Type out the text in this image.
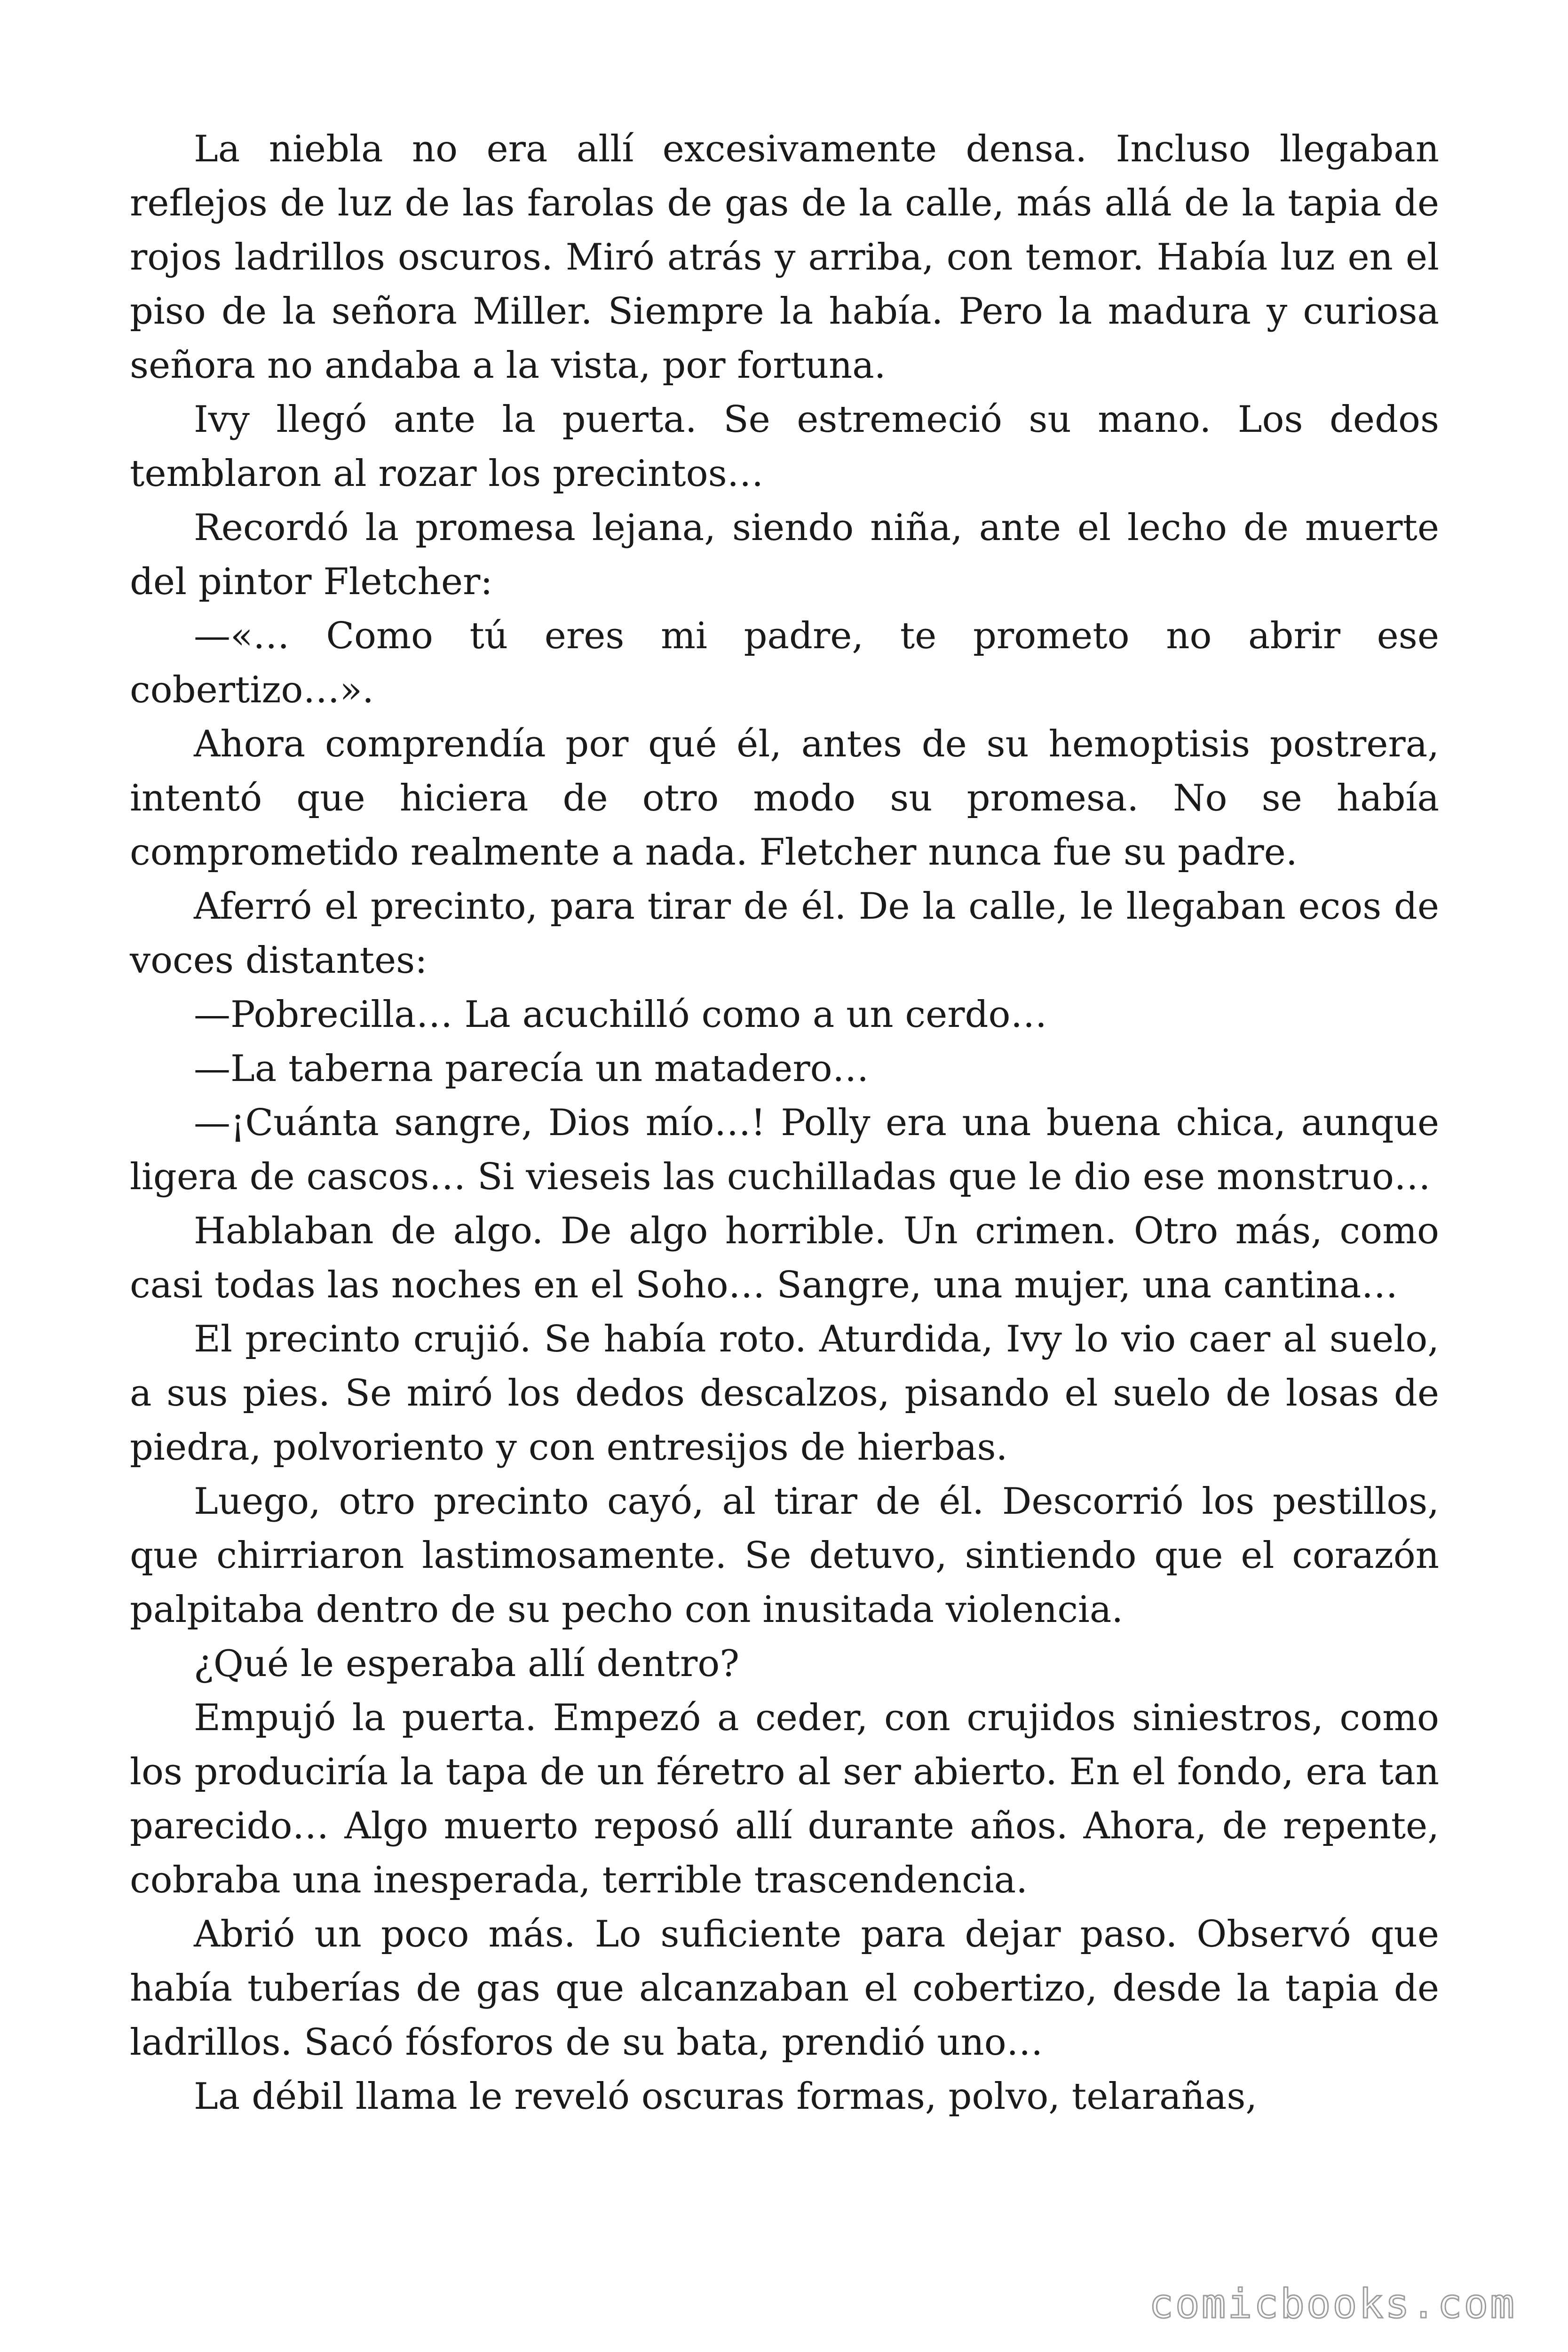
La niebla no era allí excesivamente densa. Incluso llegaban reflejos de luz de las farolas de gas de la calle, más allá de la tapia de rojos ladrillos oscuros. Miró atrás y arriba, con temor. Había luz en el piso de la señora Miller. Siempre la había. Pero la madura y curiosa señora no andaba a la vista, por fortuna.

Ivy llegó ante la puerta. Se estremeció su mano. Los dedos temblaron al rozar los precintos…

Recordó la promesa lejana, siendo niña, ante el lecho de muerte del pintor Fletcher:

—«… Como tú eres mi padre, te prometo no abrir ese cobertizo…».

Ahora comprendía por qué él, antes de su hemoptisis postrera, intentó que hiciera de otro modo su promesa. No se había comprometido realmente a nada. Fletcher nunca fue su padre.

Aferró el precinto, para tirar de él. De la calle, le llegaban ecos de voces distantes:

—Pobrecilla… La acuchilló como a un cerdo…

—La taberna parecía un matadero…

—¡Cuánta sangre, Dios mío…! Polly era una buena chica, aunque ligera de cascos… Si vieseis las cuchilladas que le dio ese monstruo…

Hablaban de algo. De algo horrible. Un crimen. Otro más, como casi todas las noches en el Soho… Sangre, una mujer, una cantina…

El precinto crujió. Se había roto. Aturdida, Ivy lo vio caer al suelo, a sus pies. Se miró los dedos descalzos, pisando el suelo de losas de piedra, polvoriento y con entresijos de hierbas.

Luego, otro precinto cayó, al tirar de él. Descorrió los pestillos, que chirriaron lastimosamente. Se detuvo, sintiendo que el corazón palpitaba dentro de su pecho con inusitada violencia.

¿Qué le esperaba allí dentro?

Empujó la puerta. Empezó a ceder, con crujidos siniestros, como los produciría la tapa de un féretro al ser abierto. En el fondo, era tan parecido… Algo muerto reposó allí durante años. Ahora, de repente, cobraba una inesperada, terrible trascendencia.

Abrió un poco más. Lo suficiente para dejar paso. Observó que había tuberías de gas que alcanzaban el cobertizo, desde la tapia de ladrillos. Sacó fósforos de su bata, prendió uno…

La débil llama le reveló oscuras formas, polvo, telarañas,

comicbooks.com
